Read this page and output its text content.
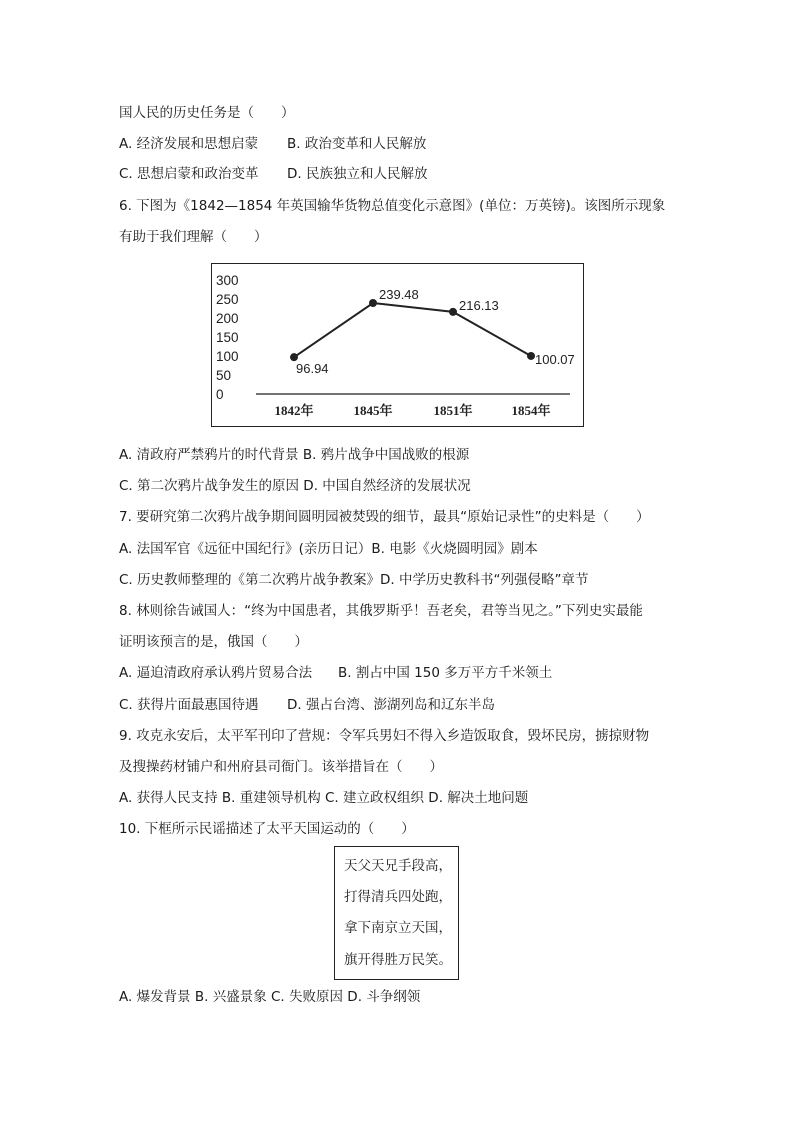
国人民的历史任务是（　　）
A. 经济发展和思想启蒙 B. 政治变革和人民解放
C. 思想启蒙和政治变革 D. 民族独立和人民解放
6. 下图为《1842—1854 年英国输华货物总值变化示意图》(单位：万英镑)。该图所示现象
有助于我们理解（　　）
300
250
200
150
100
50
0
1842年	1845年	1851年	1854年
96.94
239.48
216.13
100.07
A. 清政府严禁鸦片的时代背景 B. 鸦片战争中国战败的根源
C. 第二次鸦片战争发生的原因 D. 中国自然经济的发展状况
7. 要研究第二次鸦片战争期间圆明园被焚毁的细节，最具“原始记录性”的史料是（　　）
A. 法国军官《远征中国纪行》(亲历日记）B. 电影《火烧圆明园》剧本
C. 历史教师整理的《第二次鸦片战争教案》D. 中学历史教科书“列强侵略”章节
8. 林则徐告诫国人：“终为中国患者，其俄罗斯乎！吾老矣，君等当见之。”下列史实最能
证明该预言的是，俄国（　　）
A. 逼迫清政府承认鸦片贸易合法 B. 割占中国 150 多万平方千米领土
C. 获得片面最惠国待遇 D. 强占台湾、澎湖列岛和辽东半岛
9. 攻克永安后，太平军刊印了营规：令军兵男妇不得入乡造饭取食，毁坏民房，掳掠财物
及搜操药材铺户和州府县司衙门。该举措旨在（　　）
A. 获得人民支持 B. 重建领导机构 C. 建立政权组织 D. 解决土地问题
10. 下框所示民谣描述了太平天国运动的（　　）
天父天兄手段高，
打得清兵四处跑，
拿下南京立天国，
旗开得胜万民笑。
A. 爆发背景 B. 兴盛景象 C. 失败原因 D. 斗争纲领
